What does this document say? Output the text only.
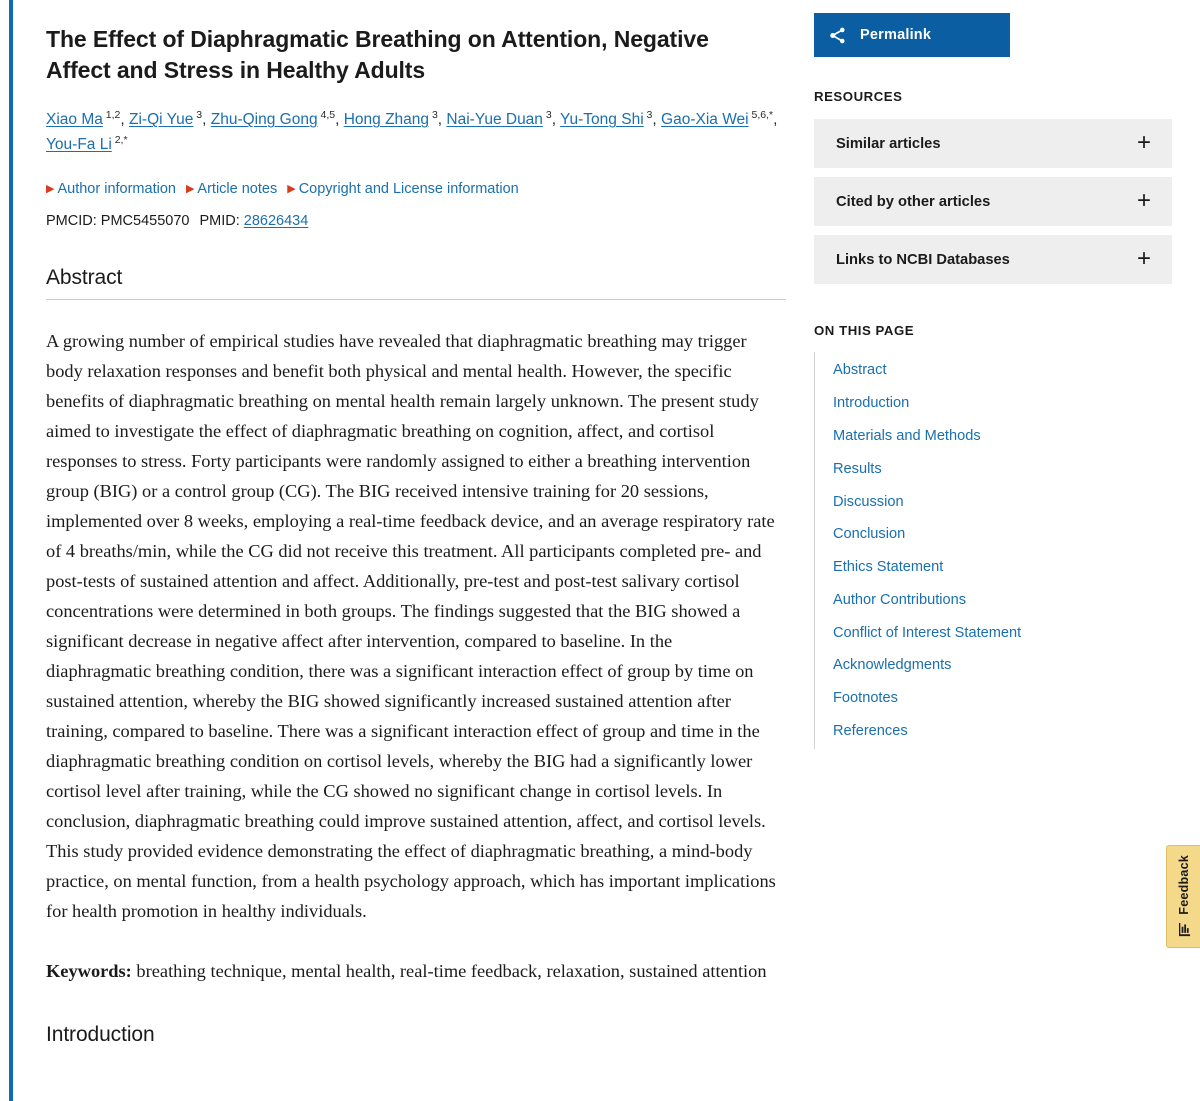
The Effect of Diaphragmatic Breathing on Attention, Negative Affect and Stress in Healthy Adults
Xiao Ma $^{1,2}$, Zi-Qi Yue $^3$, Zhu-Qing Gong $^{4,5}$, Hong Zhang $^3$, Nai-Yue Duan $^3$, Yu-Tong Shi $^3$, Gao-Xia Wei $^{5,6,*}$, You-Fa Li $^{2,*}$
▶ Author information ▶ Article notes ▶ Copyright and License information
PMCID: PMC5455070 PMID: 28626434
Abstract

A growing number of empirical studies have revealed that diaphragmatic breathing may trigger body relaxation responses and benefit both physical and mental health. However, the specific benefits of diaphragmatic breathing on mental health remain largely unknown. The present study aimed to investigate the effect of diaphragmatic breathing on cognition, affect, and cortisol responses to stress. Forty participants were randomly assigned to either a breathing intervention group (BIG) or a control group (CG). The BIG received intensive training for 20 sessions, implemented over 8 weeks, employing a real-time feedback device, and an average respiratory rate of 4 breaths/min, while the CG did not receive this treatment. All participants completed pre- and post-tests of sustained attention and affect. Additionally, pre-test and post-test salivary cortisol concentrations were determined in both groups. The findings suggested that the BIG showed a significant decrease in negative affect after intervention, compared to baseline. In the diaphragmatic breathing condition, there was a significant interaction effect of group by time on sustained attention, whereby the BIG showed significantly increased sustained attention after training, compared to baseline. There was a significant interaction effect of group and time in the diaphragmatic breathing condition on cortisol levels, whereby the BIG had a significantly lower cortisol level after training, while the CG showed no significant change in cortisol levels. In conclusion, diaphragmatic breathing could improve sustained attention, affect, and cortisol levels. This study provided evidence demonstrating the effect of diaphragmatic breathing, a mind-body practice, on mental function, from a health psychology approach, which has important implications for health promotion in healthy individuals.

Keywords: breathing technique, mental health, real-time feedback, relaxation, sustained attention

Introduction
Permalink
RESOURCES
Similar articles	+
Cited by other articles	+
Links to NCBI Databases	+
ON THIS PAGE
Abstract
Introduction
Materials and Methods
Results
Discussion
Conclusion
Ethics Statement
Author Contributions
Conflict of Interest Statement
Acknowledgments
Footnotes
References
Feedback
